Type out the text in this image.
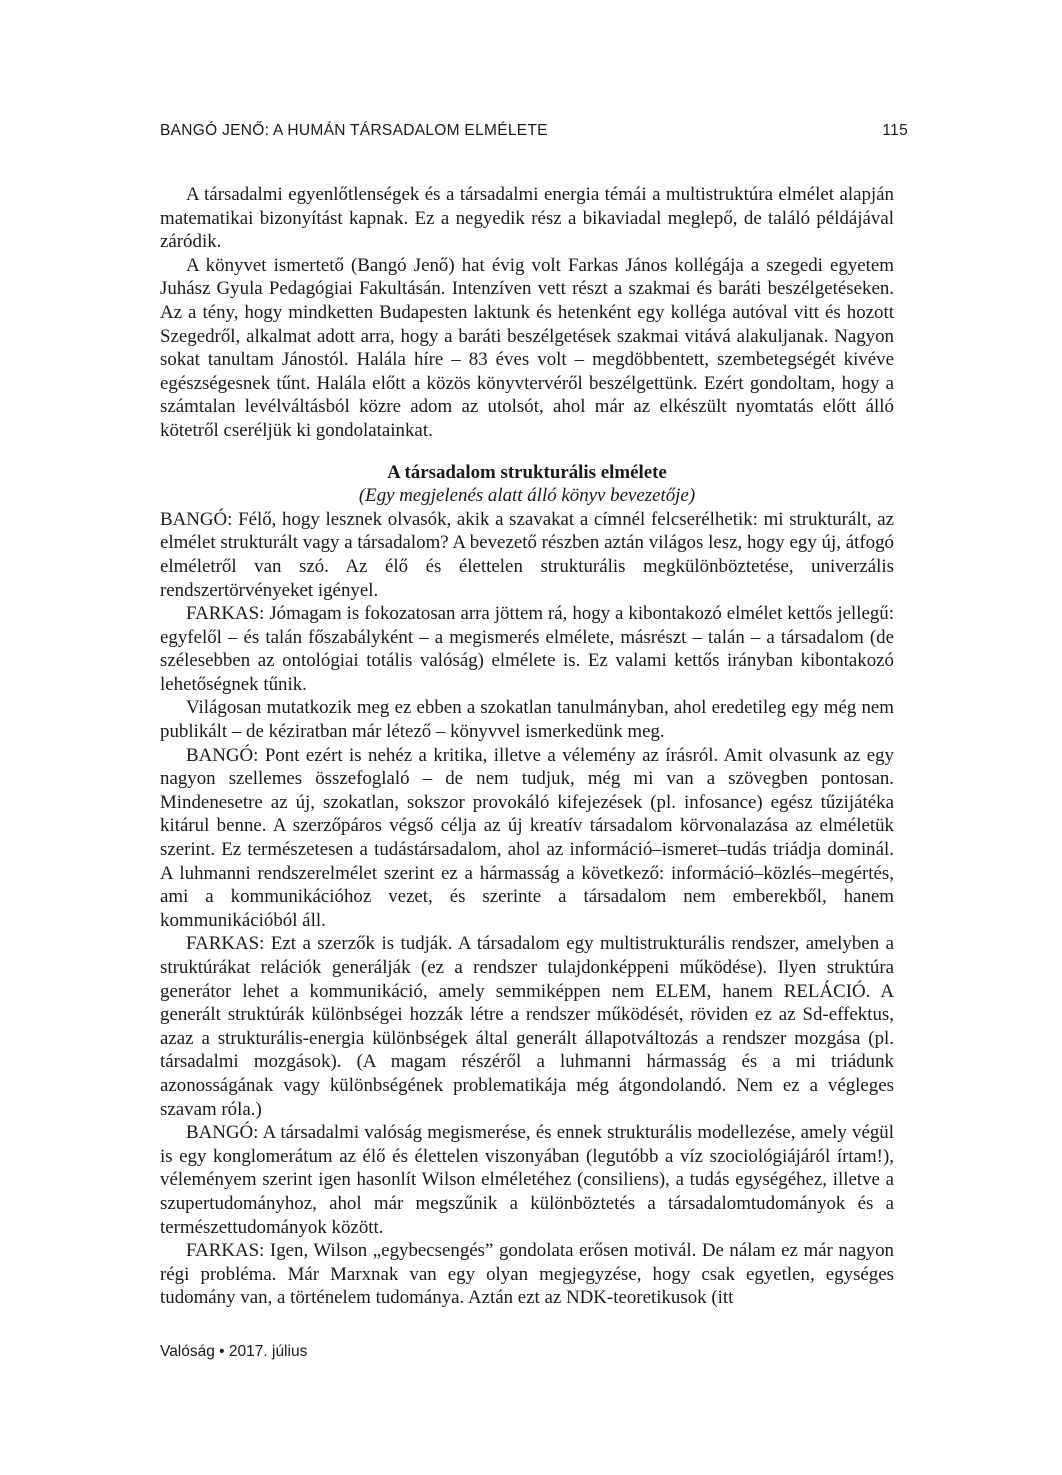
BANGÓ JENŐ: A HUMÁN TÁRSADALOM ELMÉLETE	115

A társadalmi egyenlőtlenségek és a társadalmi energia témái a multistruktúra elmélet alapján matematikai bizonyítást kapnak. Ez a negyedik rész a bikaviadal meglepő, de találó példájával záródik.

A könyvet ismertető (Bangó Jenő) hat évig volt Farkas János kollégája a szegedi egyetem Juhász Gyula Pedagógiai Fakultásán. Intenzíven vett részt a szakmai és baráti beszélgetéseken. Az a tény, hogy mindketten Budapesten laktunk és hetenként egy kolléga autóval vitt és hozott Szegedről, alkalmat adott arra, hogy a baráti beszélgetések szakmai vitává alakuljanak. Nagyon sokat tanultam Jánostól. Halála híre – 83 éves volt – megdöbbentett, szembetegségét kivéve egészségesnek tűnt. Halála előtt a közös könyvtervéről beszélgettünk. Ezért gondoltam, hogy a számtalan levélváltásból közre adom az utolsót, ahol már az elkészült nyomtatás előtt álló kötetről cseréljük ki gondolatainkat.

A társadalom strukturális elmélete
(Egy megjelenés alatt álló könyv bevezetője)

BANGÓ: Félő, hogy lesznek olvasók, akik a szavakat a címnél felcserélhetik: mi strukturált, az elmélet strukturált vagy a társadalom? A bevezető részben aztán világos lesz, hogy egy új, átfogó elméletről van szó. Az élő és élettelen strukturális megkülönböztetése, univerzális rendszertörvényeket igényel.

FARKAS: Jómagam is fokozatosan arra jöttem rá, hogy a kibontakozó elmélet kettős jellegű: egyfelől – és talán főszabályként – a megismerés elmélete, másrészt – talán – a társadalom (de szélesebben az ontológiai totális valóság) elmélete is. Ez valami kettős irányban kibontakozó lehetőségnek tűnik.

Világosan mutatkozik meg ez ebben a szokatlan tanulmányban, ahol eredetileg egy még nem publikált – de kéziratban már létező – könyvvel ismerkedünk meg.

BANGÓ: Pont ezért is nehéz a kritika, illetve a vélemény az írásról. Amit olvasunk az egy nagyon szellemes összefoglaló – de nem tudjuk, még mi van a szövegben pontosan. Mindenesetre az új, szokatlan, sokszor provokáló kifejezések (pl. infosance) egész tűzijátéka kitárul benne. A szerzőpáros végső célja az új kreatív társadalom körvonalazása az elméletük szerint. Ez természetesen a tudástársadalom, ahol az információ–ismeret–tudás triádja dominál. A luhmanni rendszerelmélet szerint ez a hármasság a következő: információ–közlés–megértés, ami a kommunikációhoz vezet, és szerinte a társadalom nem emberekből, hanem kommunikációból áll.

FARKAS: Ezt a szerzők is tudják. A társadalom egy multistrukturális rendszer, amelyben a struktúrákat relációk generálják (ez a rendszer tulajdonképpeni működése). Ilyen struktúra generátor lehet a kommunikáció, amely semmiképpen nem ELEM, hanem RELÁCIÓ. A generált struktúrák különbségei hozzák létre a rendszer működését, röviden ez az Sd-effektus, azaz a strukturális-energia különbségek által generált állapotváltozás a rendszer mozgása (pl. társadalmi mozgások). (A magam részéről a luhmanni hármasság és a mi triádunk azonosságának vagy különbségének problematikája még átgondolandó. Nem ez a végleges szavam róla.)

BANGÓ: A társadalmi valóság megismerése, és ennek strukturális modellezése, amely végül is egy konglomerátum az élő és élettelen viszonyában (legutóbb a víz szociológiájáról írtam!), véleményem szerint igen hasonlít Wilson elméletéhez (consiliens), a tudás egységéhez, illetve a szupertudományhoz, ahol már megszűnik a különböztetés a társadalomtudományok és a természettudományok között.

FARKAS: Igen, Wilson „egybecsengés” gondolata erősen motivál. De nálam ez már nagyon régi probléma. Már Marxnak van egy olyan megjegyzése, hogy csak egyetlen, egységes tudomány van, a történelem tudománya. Aztán ezt az NDK-teoretikusok (itt

Valóság • 2017. július
